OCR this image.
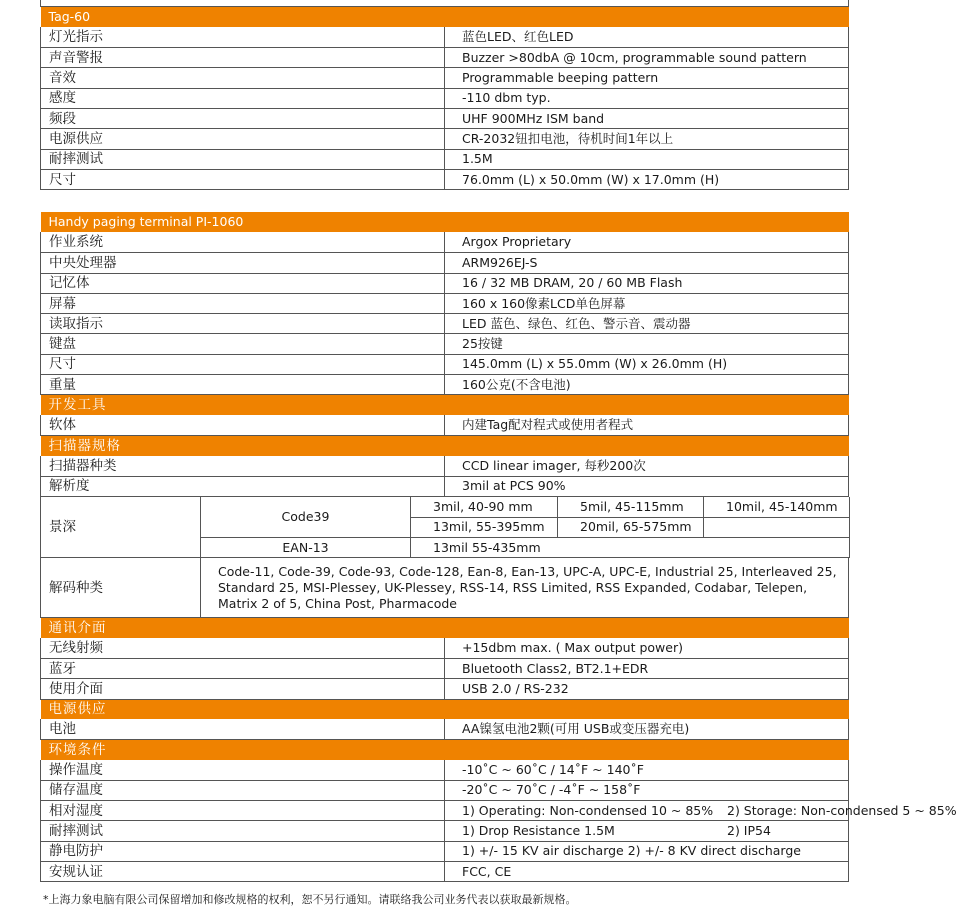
Tag-60	
灯光指示	蓝色LED、红色LED
声音警报	Buzzer >80dbA @ 10cm, programmable sound pattern
音效	Programmable beeping pattern
感度	-110 dbm typ.
频段	UHF 900MHz ISM band
电源供应	CR-2032钮扣电池，待机时间1年以上
耐摔测试	1.5M
尺寸	76.0mm (L) x 50.0mm (W) x 17.0mm (H)
Handy paging terminal PI-1060	
作业系统	Argox Proprietary
中央处理器	ARM926EJ-S
记忆体	16 / 32 MB DRAM, 20 / 60 MB Flash
屏幕	160 x 160像素LCD单色屏幕
读取指示	LED 蓝色、绿色、红色、警示音、震动器
键盘	25按键
尺寸	145.0mm (L) x 55.0mm (W) x 26.0mm (H)
重量	160公克(不含电池)
开发工具	
软体	内建Tag配对程式或使用者程式
扫描器规格	
扫描器种类	CCD linear imager, 每秒200次
解析度	3mil at PCS 90%
景深	Code39	3mil, 40-90 mm	5mil, 45-115mm	10mil, 45-140mm
		13mil, 55-395mm	20mil, 65-575mm	
	EAN-13	13mil 55-435mm		
解码种类	Code-11, Code-39, Code-93, Code-128, Ean-8, Ean-13, UPC-A, UPC-E, Industrial 25, Interleaved 25, Standard 25, MSI-Plessey, UK-Plessey, RSS-14, RSS Limited, RSS Expanded, Codabar, Telepen, Matrix 2 of 5, China Post, Pharmacode
通讯介面	
无线射频	+15dbm max. ( Max output power)
蓝牙	Bluetooth Class2, BT2.1+EDR
使用介面	USB 2.0 / RS-232
电源供应	
电池	AA镍氢电池2颗(可用 USB或变压器充电)
环境条件	
操作温度	-10˚C ~ 60˚C / 14˚F ~ 140˚F
储存温度	-20˚C ~ 70˚C / -4˚F ~ 158˚F
相对湿度	1) Operating: Non-condensed 10 ~ 85% 2) Storage: Non-condensed 5 ~ 85%
耐摔测试	1) Drop Resistance 1.5M 2) IP54
静电防护	1) +/- 15 KV air discharge 2) +/- 8 KV direct discharge
安规认证	FCC, CE
*上海力象电脑有限公司保留增加和修改规格的权利，恕不另行通知。请联络我公司业务代表以获取最新规格。
